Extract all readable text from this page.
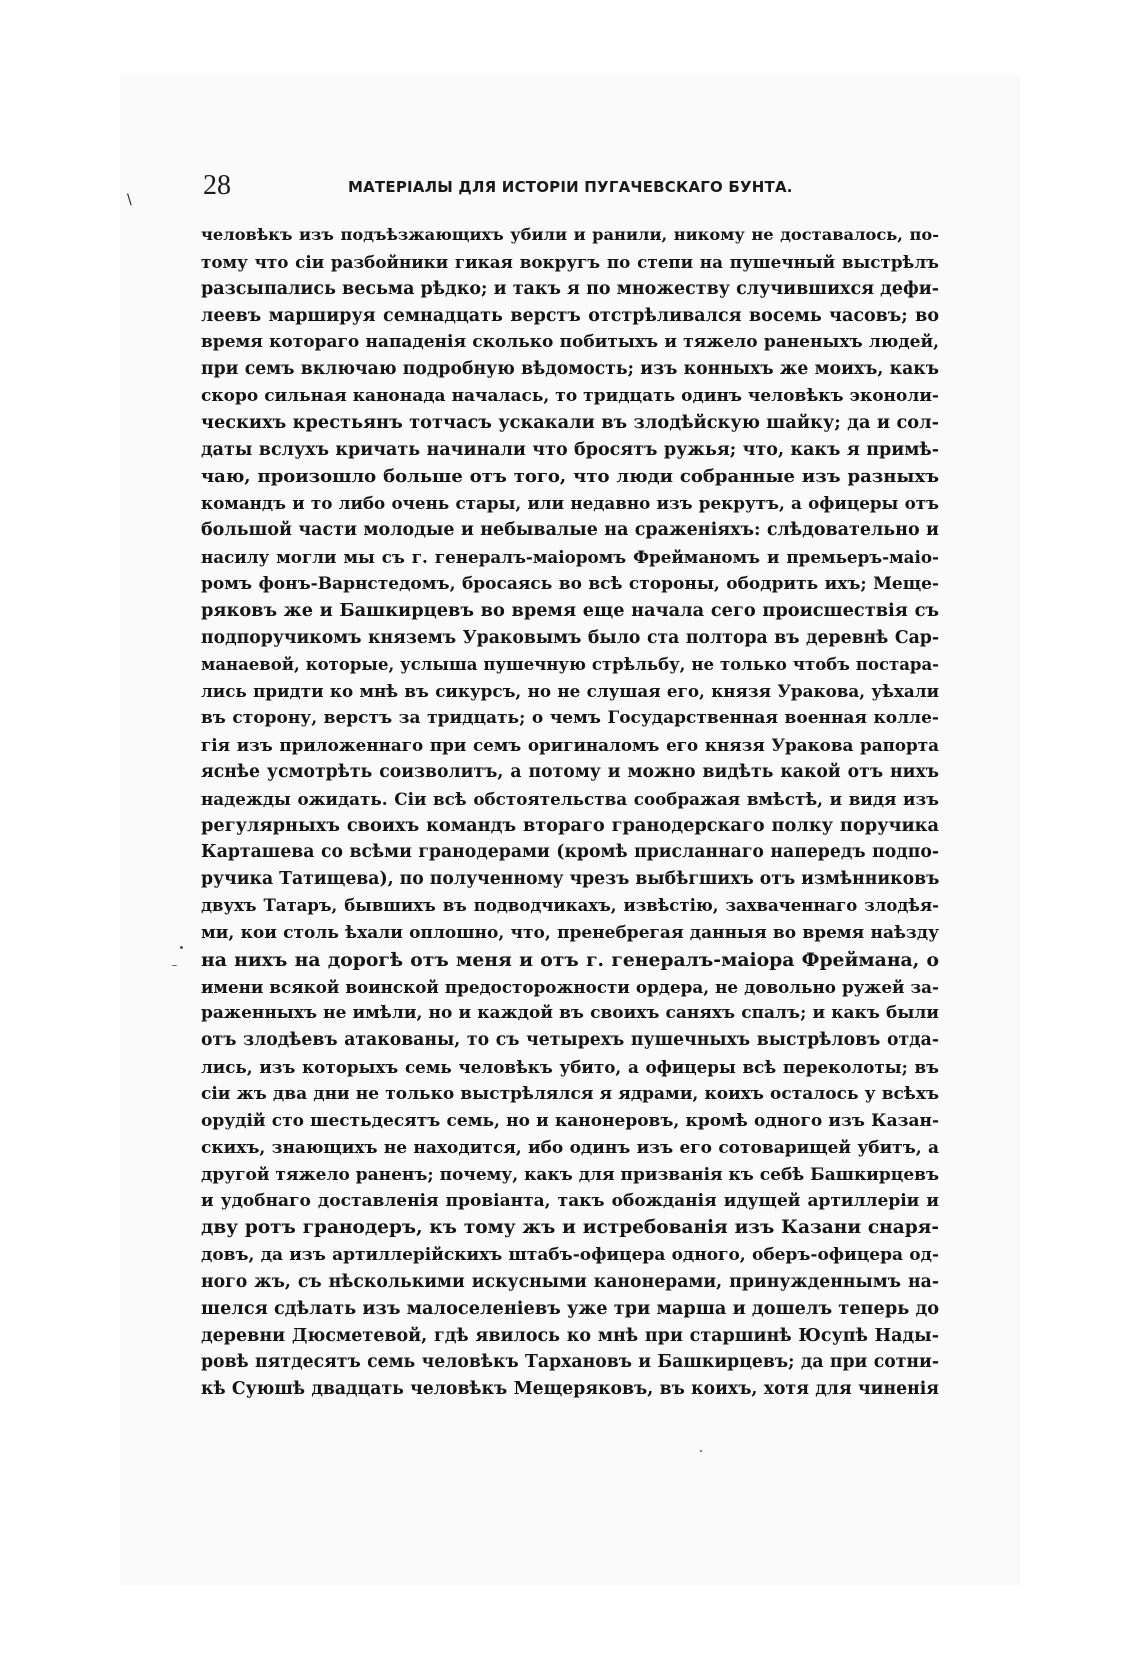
28	МАТЕРІАЛЫ ДЛЯ ИСТОРІИ ПУГАЧЕВСКАГО БУНТА.
\
человѣкъ изъ подъѣзжающихъ убили и ранили, никому не доставалось, по-
тому что сіи разбойники гикая вокругъ по степи на пушечный выстрѣлъ
разсыпались весьма рѣдко; и такъ я по множеству случившихся дефи-
леевъ маршируя семнадцать верстъ отстрѣливался восемь часовъ; во
время котораго нападенія сколько побитыхъ и тяжело раненыхъ людей,
при семъ включаю подробную вѣдомость; изъ конныхъ же моихъ, какъ
скоро сильная канонада началась, то тридцать одинъ человѣкъ эконоли-
ческихъ крестьянъ тотчасъ ускакали въ злодѣйскую шайку; да и сол-
даты вслухъ кричать начинали что бросятъ ружья; что, какъ я примѣ-
чаю, произошло больше отъ того, что люди собранные изъ разныхъ
командъ и то либо очень стары, или недавно изъ рекрутъ, а офицеры отъ
большой части молодые и небывалые на сраженіяхъ: слѣдовательно и
насилу могли мы съ г. генералъ-маіоромъ Фрейманомъ и премьеръ-маіо-
ромъ фонъ-Варнстедомъ, бросаясь во всѣ стороны, ободрить ихъ; Меще-
ряковъ же и Башкирцевъ во время еще начала сего происшествія съ
подпоручикомъ княземъ Ураковымъ было ста полтора въ деревнѣ Сар-
манаевой, которые, услыша пушечную стрѣльбу, не только чтобъ постара-
лись придти ко мнѣ въ сикурсъ, но не слушая его, князя Уракова, уѣхали
въ сторону, верстъ за тридцать; о чемъ Государственная военная колле-
гія изъ приложеннаго при семъ оригиналомъ его князя Уракова рапорта
яснѣе усмотрѣть соизволитъ, а потому и можно видѣть какой отъ нихъ
надежды ожидать. Сіи всѣ обстоятельства соображая вмѣстѣ, и видя изъ
регулярныхъ своихъ командъ втораго гранодерскаго полку поручика
Карташева со всѣми гранодерами (кромѣ присланнаго напередъ подпо-
ручика Татищева), по полученному чрезъ выбѣгшихъ отъ измѣнниковъ
двухъ Татаръ, бывшихъ въ подводчикахъ, извѣстію, захваченнаго злодѣя-
ми, кои столь ѣхали оплошно, что, пренебрегая данныя во время наѣзду
на нихъ на дорогѣ отъ меня и отъ г. генералъ-маіора Фреймана, о
имени всякой воинской предосторожности ордера, не довольно ружей за-
раженныхъ не имѣли, но и каждой въ своихъ саняхъ спалъ; и какъ были
отъ злодѣевъ атакованы, то съ четырехъ пушечныхъ выстрѣловъ отда-
лись, изъ которыхъ семь человѣкъ убито, а офицеры всѣ переколоты; въ
сіи жъ два дни не только выстрѣлялся я ядрами, коихъ осталось у всѣхъ
орудій сто шестьдесятъ семь, но и канонеровъ, кромѣ одного изъ Казан-
скихъ, знающихъ не находится, ибо одинъ изъ его сотоварищей убитъ, а
другой тяжело раненъ; почему, какъ для призванія къ себѣ Башкирцевъ
и удобнаго доставленія провіанта, такъ обожданія идущей артиллеріи и
дву ротъ гранодеръ, къ тому жъ и истребованія изъ Казани снаря-
довъ, да изъ артиллерійскихъ штабъ-офицера одного, оберъ-офицера од-
ного жъ, съ нѣсколькими искусными канонерами, принужденнымъ на-
шелся сдѣлать изъ малоселеніевъ уже три марша и дошелъ теперь до
деревни Дюсметевой, гдѣ явилось ко мнѣ при старшинѣ Юсупѣ Нады-
ровѣ пятдесятъ семь человѣкъ Тархановъ и Башкирцевъ; да при сотни-
кѣ Суюшѣ двадцать человѣкъ Мещеряковъ, въ коихъ, хотя для чиненія
